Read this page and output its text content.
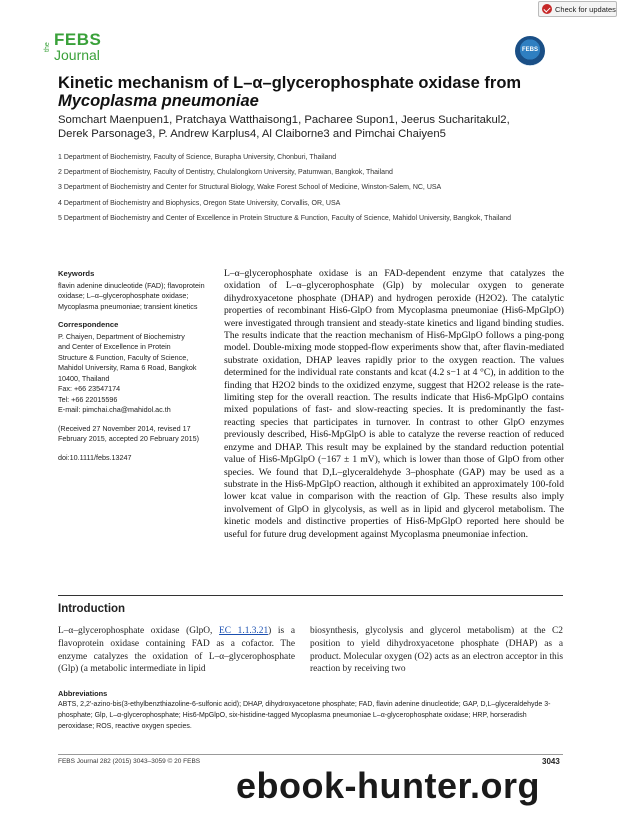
Check for updates
the FEBS
Journal	FEBS
Kinetic mechanism of L–α–glycerophosphate oxidase from
Mycoplasma pneumoniae
Somchart Maenpuen1, Pratchaya Watthaisong1, Pacharee Supon1, Jeerus Sucharitakul2,
Derek Parsonage3, P. Andrew Karplus4, Al Claiborne3 and Pimchai Chaiyen5
1 Department of Biochemistry, Faculty of Science, Burapha University, Chonburi, Thailand
2 Department of Biochemistry, Faculty of Dentistry, Chulalongkorn University, Patumwan, Bangkok, Thailand
3 Department of Biochemistry and Center for Structural Biology, Wake Forest School of Medicine, Winston-Salem, NC, USA
4 Department of Biochemistry and Biophysics, Oregon State University, Corvallis, OR, USA
5 Department of Biochemistry and Center of Excellence in Protein Structure & Function, Faculty of Science, Mahidol University, Bangkok, Thailand
Keywords
flavin adenine dinucleotide (FAD); flavoprotein oxidase; L–α–glycerophosphate oxidase; Mycoplasma pneumoniae; transient kinetics
Correspondence
P. Chaiyen, Department of Biochemistry
and Center of Excellence in Protein
Structure & Function, Faculty of Science,
Mahidol University, Rama 6 Road, Bangkok
10400, Thailand
Fax: +66 23547174
Tel: +66 22015596
E-mail: pimchai.cha@mahidol.ac.th
(Received 27 November 2014, revised 17 February 2015, accepted 20 February 2015)
doi:10.1111/febs.13247
L–α–glycerophosphate oxidase is an FAD-dependent enzyme that catalyzes the oxidation of L–α–glycerophosphate (Glp) by molecular oxygen to generate dihydroxyacetone phosphate (DHAP) and hydrogen peroxide (H2O2). The catalytic properties of recombinant His6-GlpO from Mycoplasma pneumoniae (His6-MpGlpO) were investigated through transient and steady-state kinetics and ligand binding studies. The results indicate that the reaction mechanism of His6-MpGlpO follows a ping-pong model. Double-mixing mode stopped-flow experiments show that, after flavin-mediated substrate oxidation, DHAP leaves rapidly prior to the oxygen reaction. The values determined for the individual rate constants and kcat (4.2 s−1 at 4 °C), in addition to the finding that H2O2 binds to the oxidized enzyme, suggest that H2O2 release is the rate-limiting step for the overall reaction. The results indicate that His6-MpGlpO contains mixed populations of fast- and slow-reacting species. It is predominantly the fast-reacting species that participates in turnover. In contrast to other GlpO enzymes previously described, His6-MpGlpO is able to catalyze the reverse reaction of reduced enzyme and DHAP. This result may be explained by the standard reduction potential value of His6-MpGlpO (−167 ± 1 mV), which is lower than those of GlpO from other species. We found that D,L–glyceraldehyde 3–phosphate (GAP) may be used as a substrate in the His6-MpGlpO reaction, although it exhibited an approximately 100-fold lower kcat value in comparison with the reaction of Glp. These results also imply involvement of GlpO in glycolysis, as well as in lipid and glycerol metabolism. The kinetic models and distinctive properties of His6-MpGlpO reported here should be useful for future drug development against Mycoplasma pneumoniae infection.
Introduction
L–α–glycerophosphate oxidase (GlpO, EC 1.1.3.21) is a flavoprotein oxidase containing FAD as a cofactor. The enzyme catalyzes the oxidation of L–α–glycerophosphate (Glp) (a metabolic intermediate in lipid
biosynthesis, glycolysis and glycerol metabolism) at the C2 position to yield dihydroxyacetone phosphate (DHAP) as a product. Molecular oxygen (O2) acts as an electron acceptor in this reaction by receiving two
Abbreviations
ABTS, 2,2′-azino-bis(3-ethylbenzthiazoline-6-sulfonic acid); DHAP, dihydroxyacetone phosphate; FAD, flavin adenine dinucleotide; GAP, D,L–glyceraldehyde 3-phosphate; Glp, L–α-glycerophosphate; His6-MpGlpO, six-histidine-tagged Mycoplasma pneumoniae L–α-glycerophosphate oxidase; HRP, horseradish peroxidase; ROS, reactive oxygen species.
FEBS Journal 282 (2015) 3043–3059 © 20 FEBS	3043
ebook-hunter.org
